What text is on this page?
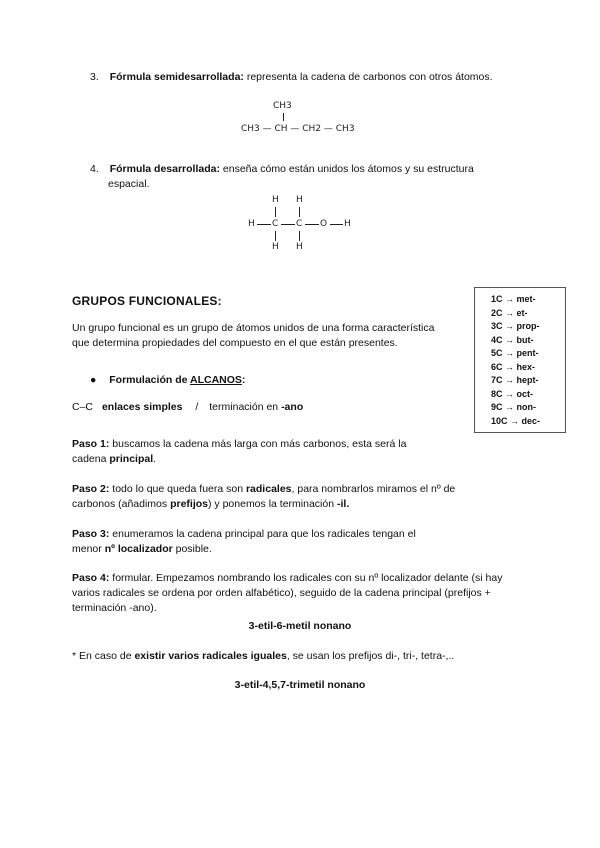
3. Fórmula semidesarrollada: representa la cadena de carbonos con otros átomos.
CH3
CH3 — CH — CH2 — CH3
4. Fórmula desarrollada: enseña cómo están unidos los átomos y su estructura
espacial.
H H
H C C O H
H H
GRUPOS FUNCIONALES:
Un grupo funcional es un grupo de átomos unidos de una forma característica
que determina propiedades del compuesto en el que están presentes.
● Formulación de ALCANOS:
C–C enlaces simples / terminación en -ano
Paso 1: buscamos la cadena más larga con más carbonos, esta será la
cadena principal.
Paso 2: todo lo que queda fuera son radicales, para nombrarlos miramos el nº de
carbonos (añadimos prefijos) y ponemos la terminación -il.
Paso 3: enumeramos la cadena principal para que los radicales tengan el
menor nº localizador posible.
Paso 4: formular. Empezamos nombrando los radicales con su nº localizador delante (si hay
varios radicales se ordena por orden alfabético), seguido de la cadena principal (prefijos +
terminación -ano).
3-etil-6-metil nonano
* En caso de existir varios radicales iguales, se usan los prefijos di-, tri-, tetra-,..
3-etil-4,5,7-trimetil nonano
1C → met-
2C → et-
3C → prop-
4C → but-
5C → pent-
6C → hex-
7C → hept-
8C → oct-
9C → non-
10C → dec-
